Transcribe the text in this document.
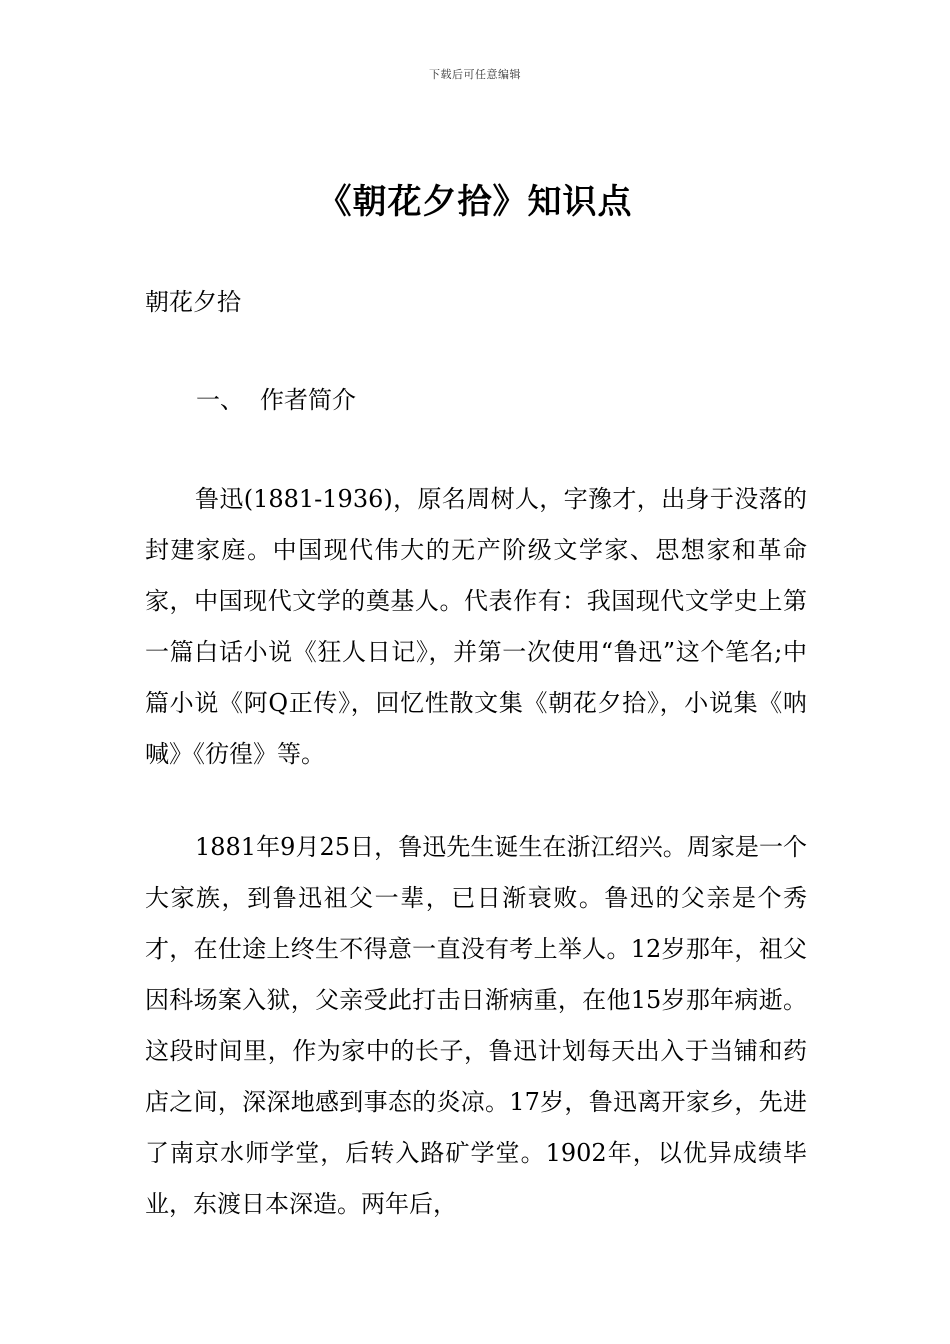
下载后可任意编辑
《朝花夕拾》知识点
朝花夕拾
一、 作者简介

鲁迅(1881-1936)，原名周树人，字豫才，出身于没落的封建家庭。中国现代伟大的无产阶级文学家、思想家和革命家，中国现代文学的奠基人。代表作有：我国现代文学史上第一篇白话小说《狂人日记》，并第一次使用“鲁迅”这个笔名;中篇小说《阿Q正传》，回忆性散文集《朝花夕拾》，小说集《呐喊》《彷徨》等。

1881年9月25日，鲁迅先生诞生在浙江绍兴。周家是一个大家族，到鲁迅祖父一辈，已日渐衰败。鲁迅的父亲是个秀才，在仕途上终生不得意一直没有考上举人。12岁那年，祖父因科场案入狱，父亲受此打击日渐病重，在他15岁那年病逝。这段时间里，作为家中的长子，鲁迅计划每天出入于当铺和药店之间，深深地感到事态的炎凉。17岁，鲁迅离开家乡，先进了南京水师学堂，后转入路矿学堂。1902年，以优异成绩毕业，东渡日本深造。两年后，
